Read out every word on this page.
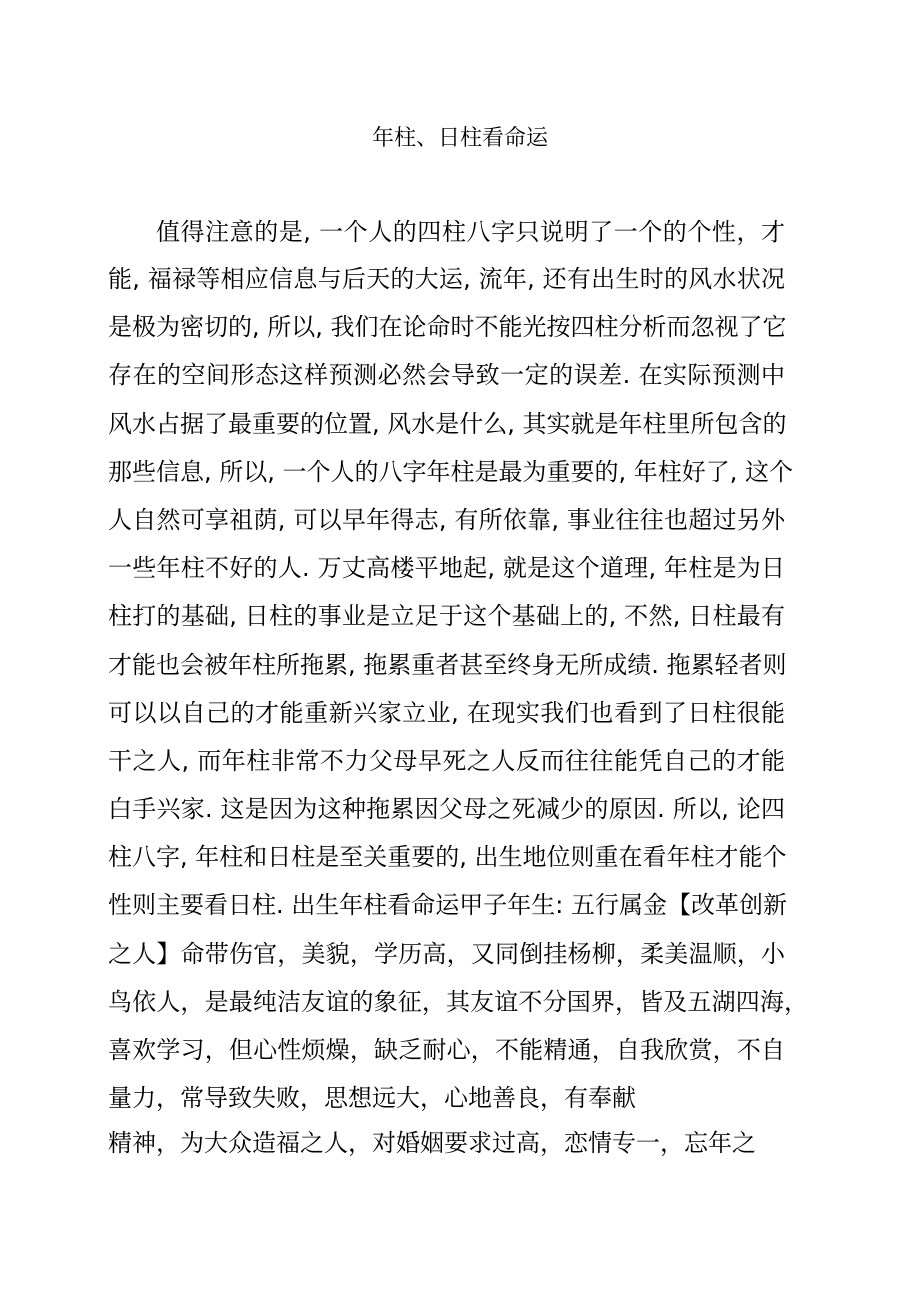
年柱、日柱看命运
值得注意的是, 一个人的四柱八字只说明了一个的个性，才
能, 福禄等相应信息与后天的大运, 流年, 还有出生时的风水状况
是极为密切的, 所以, 我们在论命时不能光按四柱分析而忽视了它
存在的空间形态这样预测必然会导致一定的误差. 在实际预测中
风水占据了最重要的位置, 风水是什么, 其实就是年柱里所包含的
那些信息, 所以, 一个人的八字年柱是最为重要的, 年柱好了, 这个
人自然可享祖荫, 可以早年得志, 有所依靠, 事业往往也超过另外
一些年柱不好的人. 万丈高楼平地起, 就是这个道理, 年柱是为日
柱打的基础, 日柱的事业是立足于这个基础上的, 不然, 日柱最有
才能也会被年柱所拖累, 拖累重者甚至终身无所成绩. 拖累轻者则
可以以自己的才能重新兴家立业, 在现实我们也看到了日柱很能
干之人, 而年柱非常不力父母早死之人反而往往能凭自己的才能
白手兴家. 这是因为这种拖累因父母之死减少的原因. 所以, 论四
柱八字, 年柱和日柱是至关重要的, 出生地位则重在看年柱才能个
性则主要看日柱. 出生年柱看命运甲子年生: 五行属金【改革创新
之人】命带伤官，美貌，学历高，又同倒挂杨柳，柔美温顺，小
鸟依人，是最纯洁友谊的象征，其友谊不分国界，皆及五湖四海，
喜欢学习，但心性烦燥，缺乏耐心，不能精通，自我欣赏，不自
量力，常导致失败，思想远大，心地善良，有奉献
精神，为大众造福之人，对婚姻要求过高，恋情专一，忘年之
